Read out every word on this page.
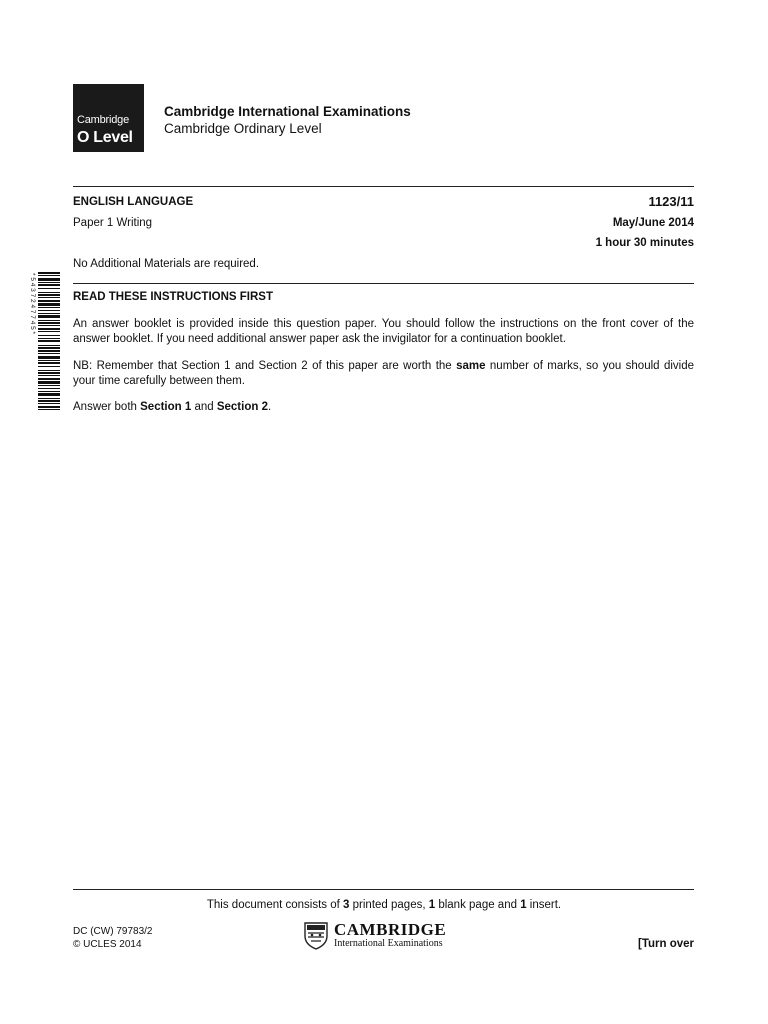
Cambridge
O Level
Cambridge International Examinations
Cambridge Ordinary Level
ENGLISH LANGUAGE	1123/11
Paper 1 Writing	May/June 2014
1 hour 30 minutes
No Additional Materials are required.
* 5 4 3 7 2 4 7 7 4 5 *	READ THESE INSTRUCTIONS FIRST
An answer booklet is provided inside this question paper. You should follow the instructions on the front cover of the answer booklet. If you need additional answer paper ask the invigilator for a continuation booklet.
NB: Remember that Section 1 and Section 2 of this paper are worth the same number of marks, so you should divide your time carefully between them.
Answer both Section 1 and Section 2.
This document consists of 3 printed pages, 1 blank page and 1 insert.
DC (CW) 79783/2
© UCLES 2014
CAMBRIDGE
International Examinations	[Turn over
